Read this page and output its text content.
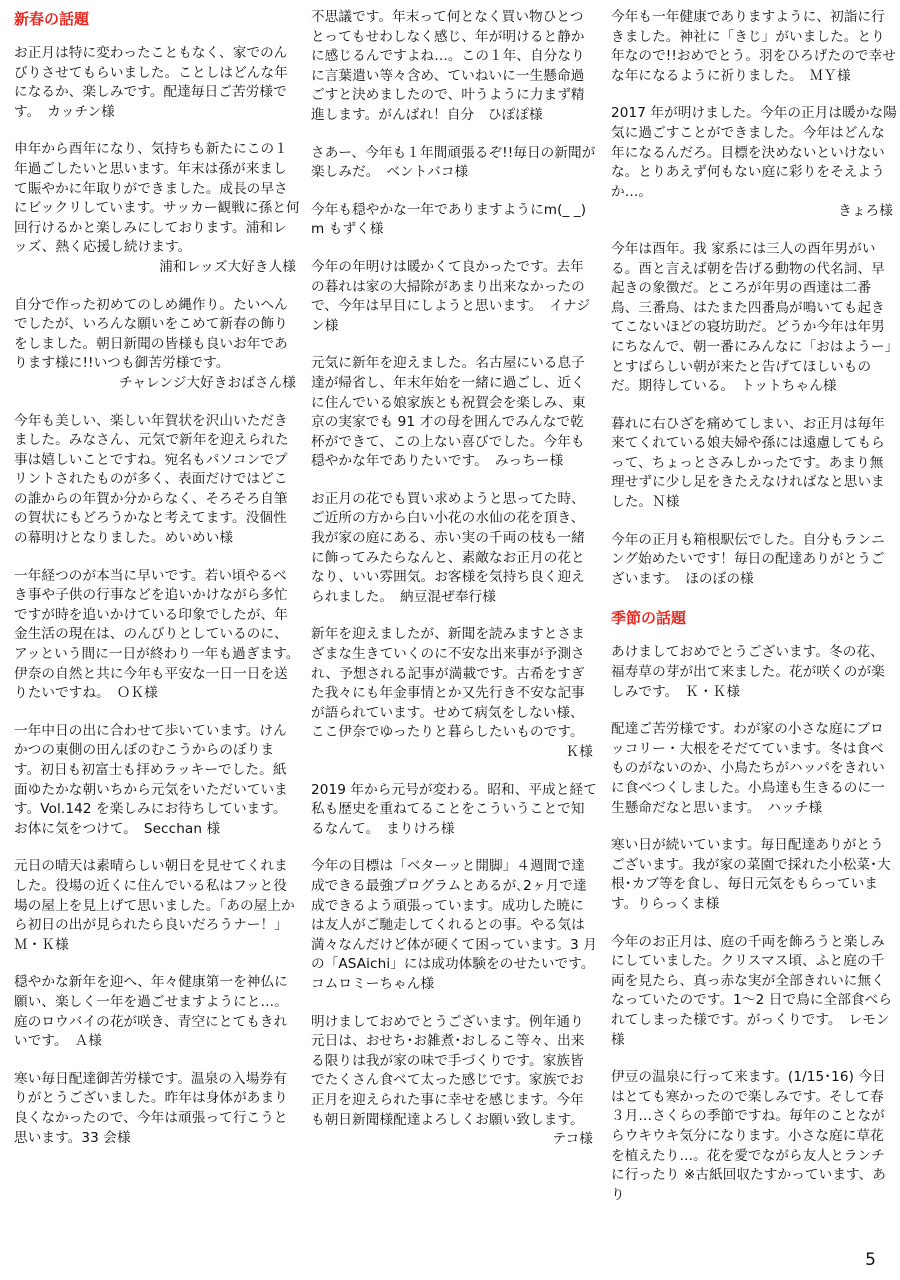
新春の話題

お正月は特に変わったこともなく、家でのんびりさせてもらいました。ことしはどんな年になるか、楽しみです。配達毎日ご苦労様です。　カッチン様

申年から酉年になり、気持ちも新たにこの１年過ごしたいと思います。年末は孫が来まして賑やかに年取りができました。成長の早さにビックリしています。サッカー観戦に孫と何回行けるかと楽しみにしております。浦和レッズ、熱く応援し続けます。

浦和レッズ大好き人様

自分で作った初めてのしめ縄作り。たいへんでしたが、いろんな願いをこめて新春の飾りをしました。朝日新聞の皆様も良いお年であります様に!!いつも御苦労様です。

チャレンジ大好きおばさん様

今年も美しい、楽しい年賀状を沢山いただきました。みなさん、元気で新年を迎えられた事は嬉しいことですね。宛名もパソコンでプリントされたものが多く、表面だけではどこの誰からの年賀か分からなく、そろそろ自筆の賀状にもどろうかなと考えてます。没個性の幕明けとなりました。めいめい様

一年経つのが本当に早いです。若い頃やるべき事や子供の行事などを追いかけながら多忙ですが時を追いかけている印象でしたが、年金生活の現在は、のんびりとしているのに、アッという間に一日が終わり一年も過ぎます。伊奈の自然と共に今年も平安な一日一日を送りたいですね。　ＯＫ様

一年中日の出に合わせて歩いています。けんかつの東側の田んぼのむこうからのぼります。初日も初富士も拝めラッキーでした。紙面ゆたかな朝いちから元気をいただいています。Vol.142 を楽しみにお待ちしています。お体に気をつけて。　Secchan 様

元日の晴天は素晴らしい朝日を見せてくれました。役場の近くに住んでいる私はフッと役場の屋上を見上げて思いました。「あの屋上から初日の出が見られたら良いだろうナー！」Ｍ・Ｋ様

穏やかな新年を迎へ、年々健康第一を神仏に願い、楽しく一年を過ごせますようにと…。庭のロウバイの花が咲き、青空にとてもきれいです。　Ａ様

寒い毎日配達御苦労様です。温泉の入場券有りがとうございました。昨年は身体があまり良くなかったので、今年は頑張って行こうと思います。33 会様

不思議です。年末って何となく買い物ひとつとってもせわしなく感じ、年が明けると静かに感じるんですよね…。この１年、自分なりに言葉遣い等々含め、ていねいに一生懸命過ごすと決めましたので、叶うように力まず精進します。がんばれ！自分　ひぽぽ様

さあー、今年も１年間頑張るぞ!!毎日の新聞が楽しみだ。　ベントバコ様

今年も穏やかな一年でありますようにm(_ _)m もずく様

今年の年明けは暖かくて良かったです。去年の暮れは家の大掃除があまり出来なかったので、今年は早目にしようと思います。　イナジン様

元気に新年を迎えました。名古屋にいる息子達が帰省し、年末年始を一緒に過ごし、近くに住んでいる娘家族とも祝賀会を楽しみ、東京の実家でも 91 才の母を囲んでみんなで乾杯ができて、この上ない喜びでした。今年も穏やかな年でありたいです。　みっちー様

お正月の花でも買い求めようと思ってた時、ご近所の方から白い小花の水仙の花を頂き、我が家の庭にある、赤い実の千両の枝も一緒に飾ってみたらなんと、素敵なお正月の花となり、いい雰囲気。お客様を気持ち良く迎えられました。　納豆混ぜ奉行様

新年を迎えましたが、新聞を読みますとさまざまな生きていくのに不安な出来事が予測され、予想される記事が満載です。古希をすぎた我々にも年金事情とか又先行き不安な記事が語られています。せめて病気をしない様、ここ伊奈でゆったりと暮らしたいものです。

Ｋ様

2019 年から元号が変わる。昭和、平成と経て私も歴史を重ねてることをこういうことで知るなんて。　まりけろ様

今年の目標は「ベターッと開脚」４週間で達成できる最強プログラムとあるが､2ヶ月で達成できるよう頑張っています。成功した暁には友人がご馳走してくれるとの事。やる気は満々なんだけど体が硬くて困っています。3 月の「ASAichi」には成功体験をのせたいです。　コムロミーちゃん様

明けましておめでとうございます。例年通り元日は、おせち･お雑煮･おしるこ等々、出来る限りは我が家の味で手づくりです。家族皆でたくさん食べて太った感じです。家族でお正月を迎えられた事に幸せを感じます。今年も朝日新聞様配達よろしくお願い致します。

テコ様

今年も一年健康でありますように、初詣に行きました。神社に「きじ」がいました。とり年なので!!おめでとう。羽をひろげたので幸せな年になるように祈りました。　ＭＹ様

2017 年が明けました。今年の正月は暖かな陽気に過ごすことができました。今年はどんな年になるんだろ。目標を決めないといけないな。とりあえず何もない庭に彩りをそえようか…。

きょろ様

今年は酉年。我 家系には三人の酉年男がいる。酉と言えば朝を告げる動物の代名詞、早起きの象徴だ。ところが年男の酉達は二番鳥、三番鳥、はたまた四番鳥が鳴いても起きてこないほどの寝坊助だ。どうか今年は年男にちなんで、朝一番にみんなに「おはようー」とすばらしい朝が来たと告げてほしいものだ。期待している。　トットちゃん様

暮れに右ひざを痛めてしまい、お正月は毎年来てくれている娘夫婦や孫には遠慮してもらって、ちょっとさみしかったです。あまり無理せずに少し足をきたえなければなと思いました。Ｎ様

今年の正月も箱根駅伝でした。自分もランニング始めたいです！毎日の配達ありがとうございます。　ほのぼの様

季節の話題

あけましておめでとうございます。冬の花、福寿草の芽が出て来ました。花が咲くのが楽しみです。　Ｋ・Ｋ様

配達ご苦労様です。わが家の小さな庭にブロッコリー・大根をそだてています。冬は食べものがないのか、小鳥たちがハッパをきれいに食べつくしました。小鳥達も生きるのに一生懸命だなと思います。　ハッチ様

寒い日が続いています。毎日配達ありがとうございます。我が家の菜園で採れた小松菜･大根･カブ等を食し、毎日元気をもらっています。りらっくま様

今年のお正月は、庭の千両を飾ろうと楽しみにしていました。クリスマス頃、ふと庭の千両を見たら、真っ赤な実が全部きれいに無くなっていたのです。1～2 日で鳥に全部食べられてしまった様です。がっくりです。　レモン様

伊豆の温泉に行って来ます。(1/15･16) 今日はとても寒かったので楽しみです。そして春３月…さくらの季節ですね。毎年のことながらウキウキ気分になります。小さな庭に草花を植えたり…。花を愛でながら友人とランチに行ったり ※古紙回収たすかっています、あり

5
